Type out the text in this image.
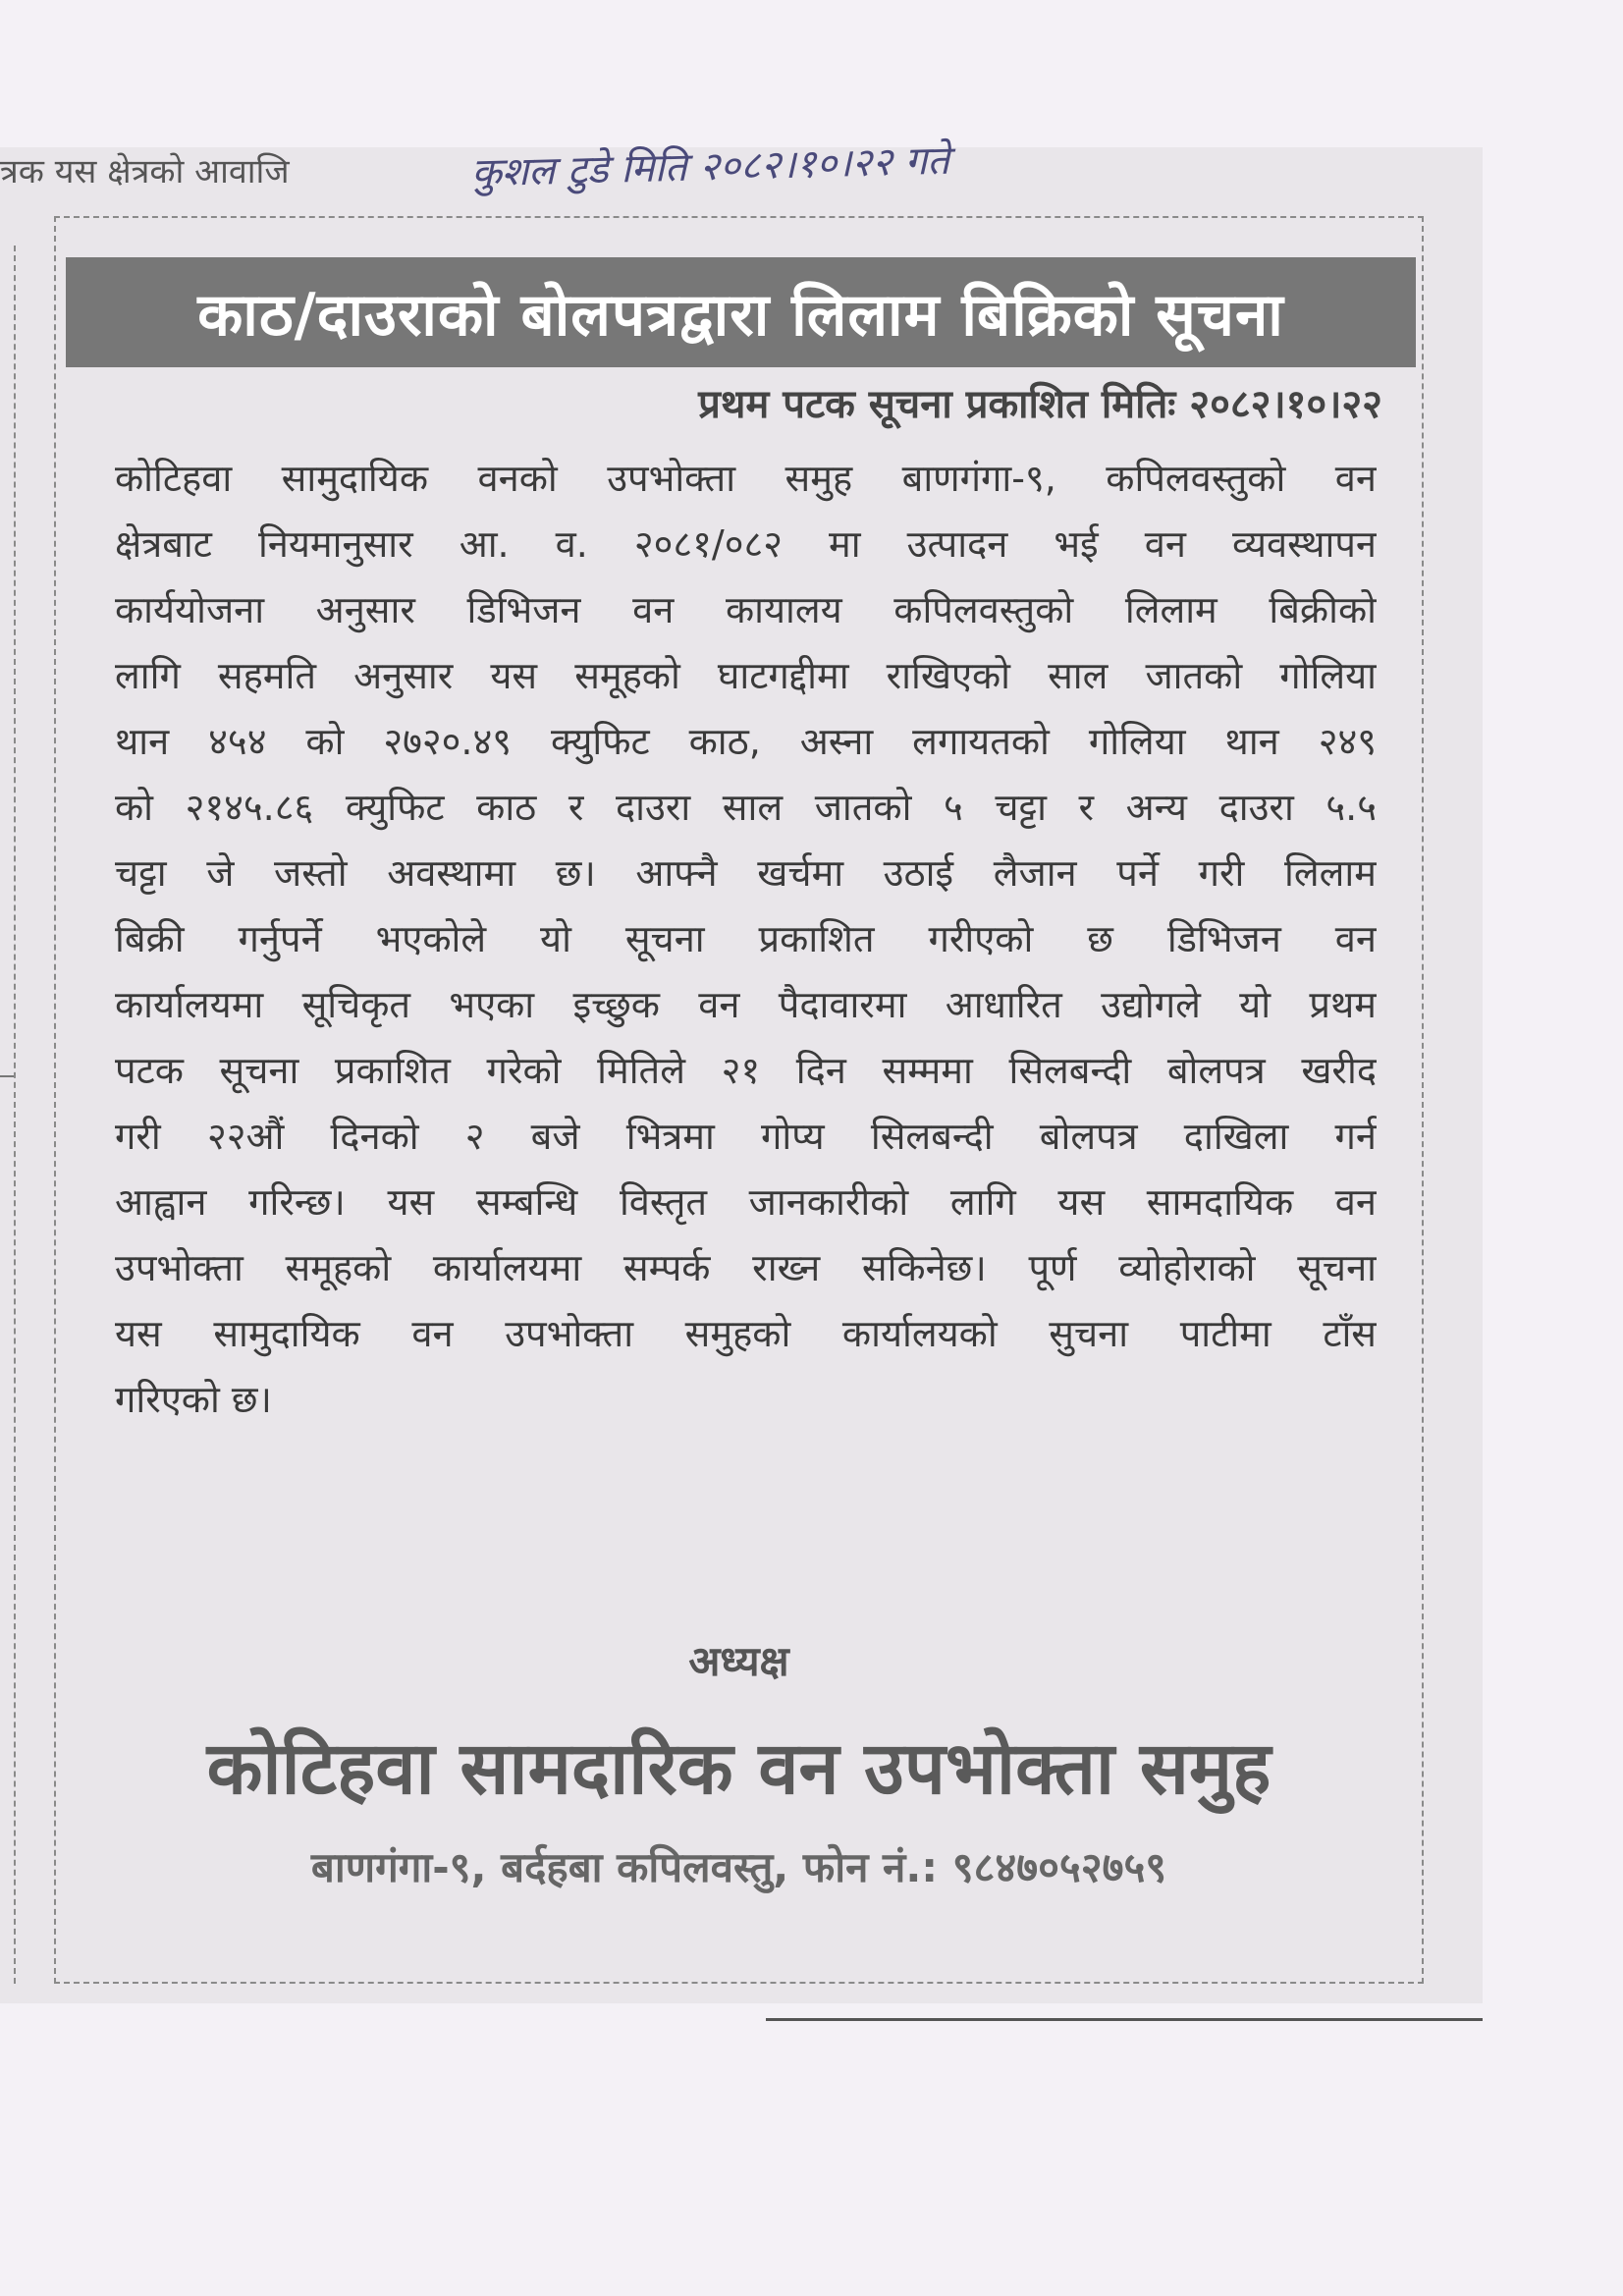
त्रक यस क्षेत्रको आवाजि	कुशल टुडे मिति २०८२।१०।२२ गते
काठ/दाउराको बोलपत्रद्वारा लिलाम बिक्रिको सूचना
प्रथम पटक सूचना प्रकाशित मितिः २०८२।१०।२२
कोटिहवा सामुदायिक वनको उपभोक्ता समुह बाणगंगा-९, कपिलवस्तुको वन
क्षेत्रबाट नियमानुसार आ. व. २०८१/०८२ मा उत्पादन भई वन व्यवस्थापन
कार्ययोजना अनुसार डिभिजन वन कायालय कपिलवस्तुको लिलाम बिक्रीको
लागि सहमति अनुसार यस समूहको घाटगद्दीमा राखिएको साल जातको गोलिया
थान ४५४ को २७२०.४९ क्युफिट काठ, अस्ना लगायतको गोलिया थान २४९
को २१४५.८६ क्युफिट काठ र दाउरा साल जातको ५ चट्टा र अन्य दाउरा ५.५
चट्टा जे जस्तो अवस्थामा छ। आफ्नै खर्चमा उठाई लैजान पर्ने गरी लिलाम
बिक्री गर्नुपर्ने भएकोले यो सूचना प्रकाशित गरीएको छ डिभिजन वन
कार्यालयमा सूचिकृत भएका इच्छुक वन पैदावारमा आधारित उद्योगले यो प्रथम
पटक सूचना प्रकाशित गरेको मितिले २१ दिन सम्ममा सिलबन्दी बोलपत्र खरीद
गरी २२औं दिनको २ बजे भित्रमा गोप्य सिलबन्दी बोलपत्र दाखिला गर्न
आह्वान गरिन्छ। यस सम्बन्धि विस्तृत जानकारीको लागि यस सामदायिक वन
उपभोक्ता समूहको कार्यालयमा सम्पर्क राख्न सकिनेछ। पूर्ण व्योहोराको सूचना
यस सामुदायिक वन उपभोक्ता समुहको कार्यालयको सुचना पाटीमा टाँस
गरिएको छ।
अध्यक्ष
कोटिहवा सामदारिक वन उपभोक्ता समुह
बाणगंगा-९, बर्दहबा कपिलवस्तु, फोन नं.: ९८४७०५२७५९
